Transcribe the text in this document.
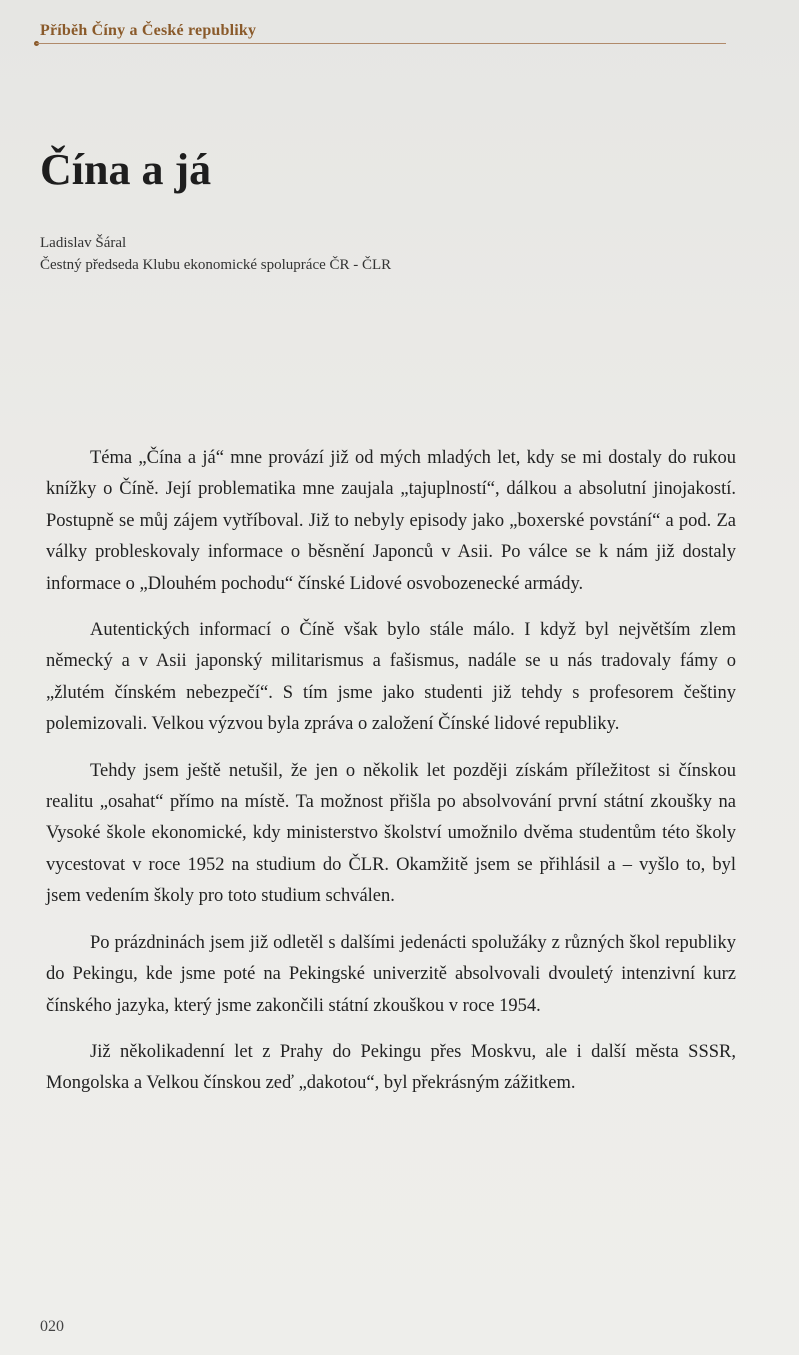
Příběh Číny a České republiky
Čína a já
Ladislav Šáral
Čestný předseda Klubu ekonomické spolupráce ČR - ČLR

Téma „Čína a já“ mne provází již od mých mladých let, kdy se mi dostaly do rukou knížky o Číně. Její problematika mne zaujala „tajuplností“, dálkou a absolutní jinojakostí. Postupně se můj zájem vytříboval. Již to nebyly episody jako „boxerské povstání“ a pod. Za války probleskovaly informace o běsnění Japonců v Asii. Po válce se k nám již dostaly informace o „Dlouhém pochodu“ čínské Lidové osvobozenecké armády.

Autentických informací o Číně však bylo stále málo. I když byl největším zlem německý a v Asii japonský militarismus a fašismus, nadále se u nás tradovaly fámy o „žlutém čínském nebezpečí“. S tím jsme jako studenti již tehdy s profesorem češtiny polemizovali. Velkou výzvou byla zpráva o založení Čínské lidové republiky.

Tehdy jsem ještě netušil, že jen o několik let později získám příležitost si čínskou realitu „osahat“ přímo na místě. Ta možnost přišla po absolvování první státní zkoušky na Vysoké škole ekonomické, kdy ministerstvo školství umožnilo dvěma studentům této školy vycestovat v roce 1952 na studium do ČLR. Okamžitě jsem se přihlásil a – vyšlo to, byl jsem vedením školy pro toto studium schválen.

Po prázdninách jsem již odletěl s dalšími jedenácti spolužáky z různých škol republiky do Pekingu, kde jsme poté na Pekingské univerzitě absolvovali dvouletý intenzivní kurz čínského jazyka, který jsme zakončili státní zkouškou v roce 1954.

Již několikadenní let z Prahy do Pekingu přes Moskvu, ale i další města SSSR, Mongolska a Velkou čínskou zeď „dakotou“, byl překrásným zážitkem.

020
